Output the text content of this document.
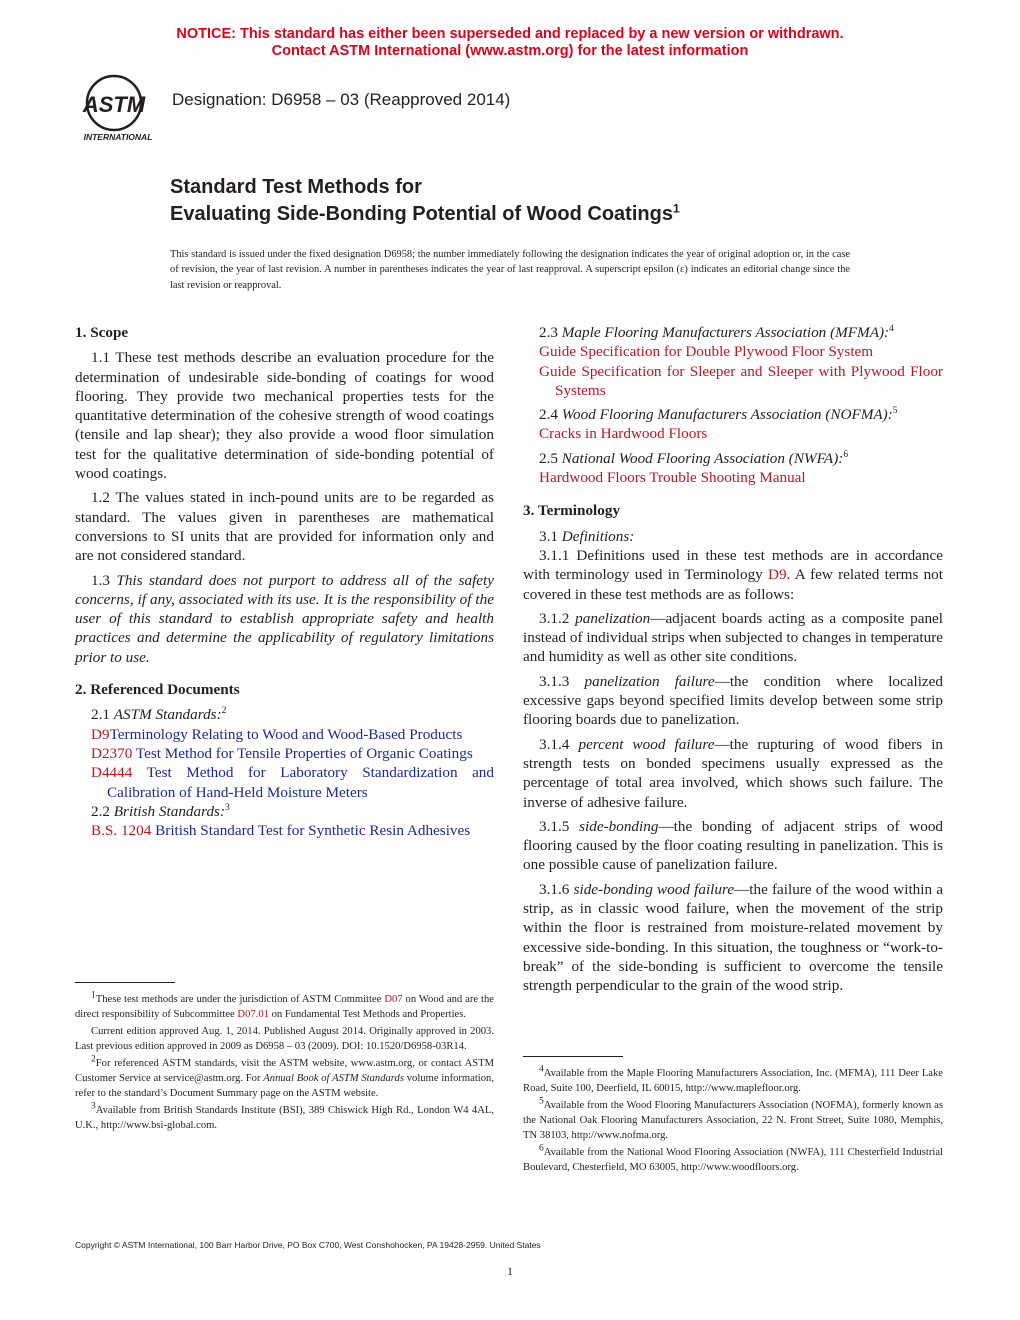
NOTICE: This standard has either been superseded and replaced by a new version or withdrawn.
Contact ASTM International (www.astm.org) for the latest information
ASTM
INTERNATIONAL
Designation: D6958 – 03 (Reapproved 2014)
Standard Test Methods for
Evaluating Side-Bonding Potential of Wood Coatings$^1$
This standard is issued under the fixed designation D6958; the number immediately following the designation indicates the year of original adoption or, in the case of revision, the year of last revision. A number in parentheses indicates the year of last reapproval. A superscript epsilon (ε) indicates an editorial change since the last revision or reapproval.
1. Scope
1.1 These test methods describe an evaluation procedure for the determination of undesirable side-bonding of coatings for wood flooring. They provide two mechanical properties tests for the quantitative determination of the cohesive strength of wood coatings (tensile and lap shear); they also provide a wood floor simulation test for the qualitative determination of side-bonding potential of wood coatings.
1.2 The values stated in inch-pound units are to be regarded as standard. The values given in parentheses are mathematical conversions to SI units that are provided for information only and are not considered standard.
1.3 This standard does not purport to address all of the safety concerns, if any, associated with its use. It is the responsibility of the user of this standard to establish appropriate safety and health practices and determine the applicability of regulatory limitations prior to use.
2. Referenced Documents
2.1 ASTM Standards:$^2$
D9Terminology Relating to Wood and Wood-Based Products
D2370 Test Method for Tensile Properties of Organic Coatings
D4444 Test Method for Laboratory Standardization and Calibration of Hand-Held Moisture Meters
2.2 British Standards:$^3$
B.S. 1204 British Standard Test for Synthetic Resin Adhesives
2.3 Maple Flooring Manufacturers Association (MFMA):$^4$
Guide Specification for Double Plywood Floor System
Guide Specification for Sleeper and Sleeper with Plywood Floor Systems
2.4 Wood Flooring Manufacturers Association (NOFMA):$^5$
Cracks in Hardwood Floors
2.5 National Wood Flooring Association (NWFA):$^6$
Hardwood Floors Trouble Shooting Manual
3. Terminology
3.1 Definitions:
3.1.1 Definitions used in these test methods are in accordance with terminology used in Terminology D9. A few related terms not covered in these test methods are as follows:
3.1.2 panelization—adjacent boards acting as a composite panel instead of individual strips when subjected to changes in temperature and humidity as well as other site conditions.
3.1.3 panelization failure—the condition where localized excessive gaps beyond specified limits develop between some strip flooring boards due to panelization.
3.1.4 percent wood failure—the rupturing of wood fibers in strength tests on bonded specimens usually expressed as the percentage of total area involved, which shows such failure. The inverse of adhesive failure.
3.1.5 side-bonding—the bonding of adjacent strips of wood flooring caused by the floor coating resulting in panelization. This is one possible cause of panelization failure.
3.1.6 side-bonding wood failure—the failure of the wood within a strip, as in classic wood failure, when the movement of the strip within the floor is restrained from moisture-related movement by excessive side-bonding. In this situation, the toughness or “work-to-break” of the side-bonding is sufficient to overcome the tensile strength perpendicular to the grain of the wood strip.

$^1$These test methods are under the jurisdiction of ASTM Committee D07 on Wood and are the direct responsibility of Subcommittee D07.01 on Fundamental Test Methods and Properties.

Current edition approved Aug. 1, 2014. Published August 2014. Originally approved in 2003. Last previous edition approved in 2009 as D6958 – 03 (2009). DOI: 10.1520/D6958-03R14.

$^2$For referenced ASTM standards, visit the ASTM website, www.astm.org, or contact ASTM Customer Service at service@astm.org. For Annual Book of ASTM Standards volume information, refer to the standard’s Document Summary page on the ASTM website.

$^3$Available from British Standards Institute (BSI), 389 Chiswick High Rd., London W4 4AL, U.K., http://www.bsi-global.com.

$^4$Available from the Maple Flooring Manufacturers Association, Inc. (MFMA), 111 Deer Lake Road, Suite 100, Deerfield, IL 60015, http://www.maplefloor.org.

$^5$Available from the Wood Flooring Manufacturers Association (NOFMA), formerly known as the National Oak Flooring Manufacturers Association, 22 N. Front Street, Suite 1080, Memphis, TN 38103, http://www.nofma.org.

$^6$Available from the National Wood Flooring Association (NWFA), 111 Chesterfield Industrial Boulevard, Chesterfield, MO 63005, http://www.woodfloors.org.

Copyright © ASTM International, 100 Barr Harbor Drive, PO Box C700, West Conshohocken, PA 19428-2959. United States
1
